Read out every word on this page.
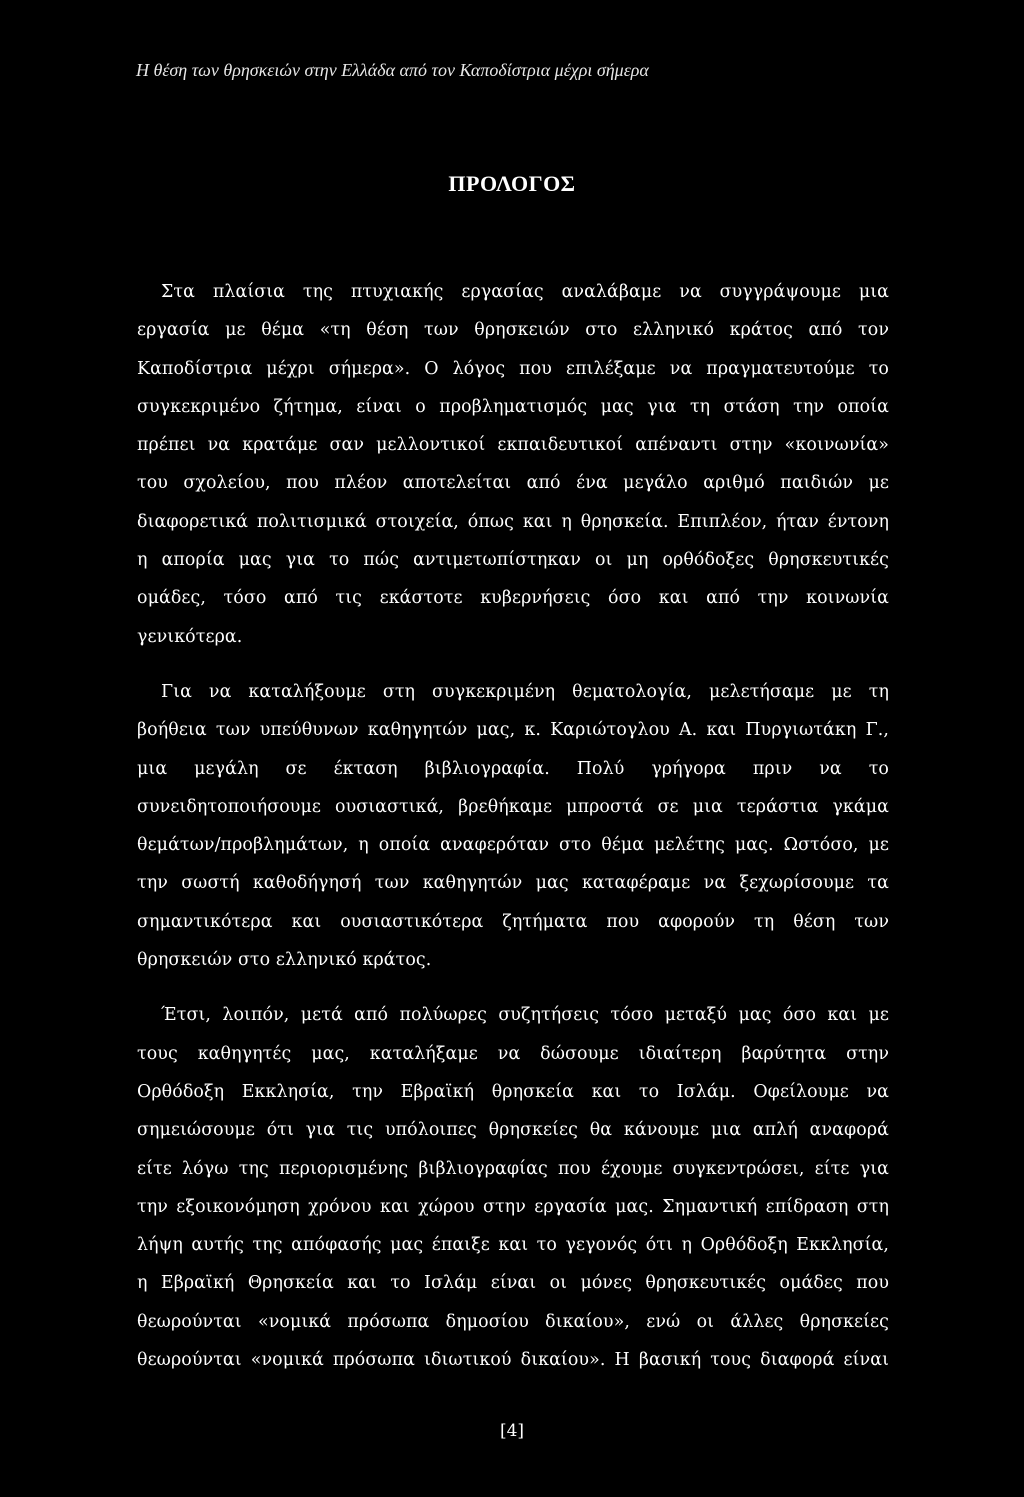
Η θέση των θρησκειών στην Ελλάδα από τον Καποδίστρια μέχρι σήμερα
ΠΡΟΛΟΓΟΣ
Στα πλαίσια της πτυχιακής εργασίας αναλάβαμε να συγγράψουμε μια
εργασία με θέμα «τη θέση των θρησκειών στο ελληνικό κράτος από τον
Καποδίστρια μέχρι σήμερα». Ο λόγος που επιλέξαμε να πραγματευτούμε το
συγκεκριμένο ζήτημα, είναι ο προβληματισμός μας για τη στάση την οποία
πρέπει να κρατάμε σαν μελλοντικοί εκπαιδευτικοί απέναντι στην «κοινωνία»
του σχολείου, που πλέον αποτελείται από ένα μεγάλο αριθμό παιδιών με
διαφορετικά πολιτισμικά στοιχεία, όπως και η θρησκεία. Επιπλέον, ήταν έντονη
η απορία μας για το πώς αντιμετωπίστηκαν οι μη ορθόδοξες θρησκευτικές
ομάδες, τόσο από τις εκάστοτε κυβερνήσεις όσο και από την κοινωνία
γενικότερα.
Για να καταλήξουμε στη συγκεκριμένη θεματολογία, μελετήσαμε με τη
βοήθεια των υπεύθυνων καθηγητών μας, κ. Καριώτογλου Α. και Πυργιωτάκη Γ.,
μια μεγάλη σε έκταση βιβλιογραφία. Πολύ γρήγορα πριν να το
συνειδητοποιήσουμε ουσιαστικά, βρεθήκαμε μπροστά σε μια τεράστια γκάμα
θεμάτων/προβλημάτων, η οποία αναφερόταν στο θέμα μελέτης μας. Ωστόσο, με
την σωστή καθοδήγησή των καθηγητών μας καταφέραμε να ξεχωρίσουμε τα
σημαντικότερα και ουσιαστικότερα ζητήματα που αφορούν τη θέση των
θρησκειών στο ελληνικό κράτος.
Έτσι, λοιπόν, μετά από πολύωρες συζητήσεις τόσο μεταξύ μας όσο και με
τους καθηγητές μας, καταλήξαμε να δώσουμε ιδιαίτερη βαρύτητα στην
Ορθόδοξη Εκκλησία, την Εβραϊκή θρησκεία και το Ισλάμ. Οφείλουμε να
σημειώσουμε ότι για τις υπόλοιπες θρησκείες θα κάνουμε μια απλή αναφορά
είτε λόγω της περιορισμένης βιβλιογραφίας που έχουμε συγκεντρώσει, είτε για
την εξοικονόμηση χρόνου και χώρου στην εργασία μας. Σημαντική επίδραση στη
λήψη αυτής της απόφασής μας έπαιξε και το γεγονός ότι η Ορθόδοξη Εκκλησία,
η Εβραϊκή Θρησκεία και το Ισλάμ είναι οι μόνες θρησκευτικές ομάδες που
θεωρούνται «νομικά πρόσωπα δημοσίου δικαίου», ενώ οι άλλες θρησκείες
θεωρούνται «νομικά πρόσωπα ιδιωτικού δικαίου». Η βασική τους διαφορά είναι
[4]
